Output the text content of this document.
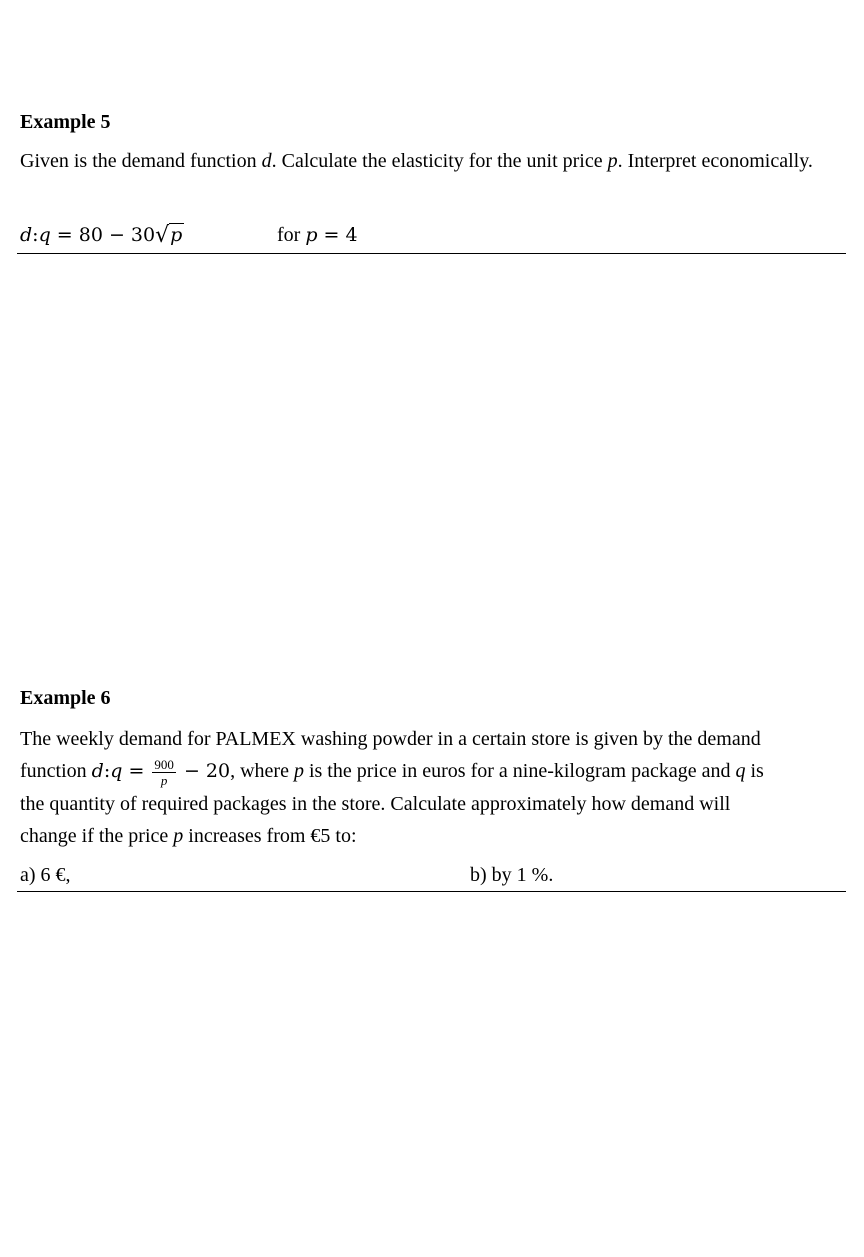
Example 5
Given is the demand function d. Calculate the elasticity for the unit price p. Interpret economically.
d:q = 80 − 30√p	for p = 4
Example 6
The weekly demand for PALMEX washing powder in a certain store is given by the demand
function d:q = $\frac{900}{p} - 20$, where p is the price in euros for a nine-kilogram package and q is
the quantity of required packages in the store. Calculate approximately how demand will
change if the price p increases from €5 to:
a) 6 €,	b) by 1 %.
